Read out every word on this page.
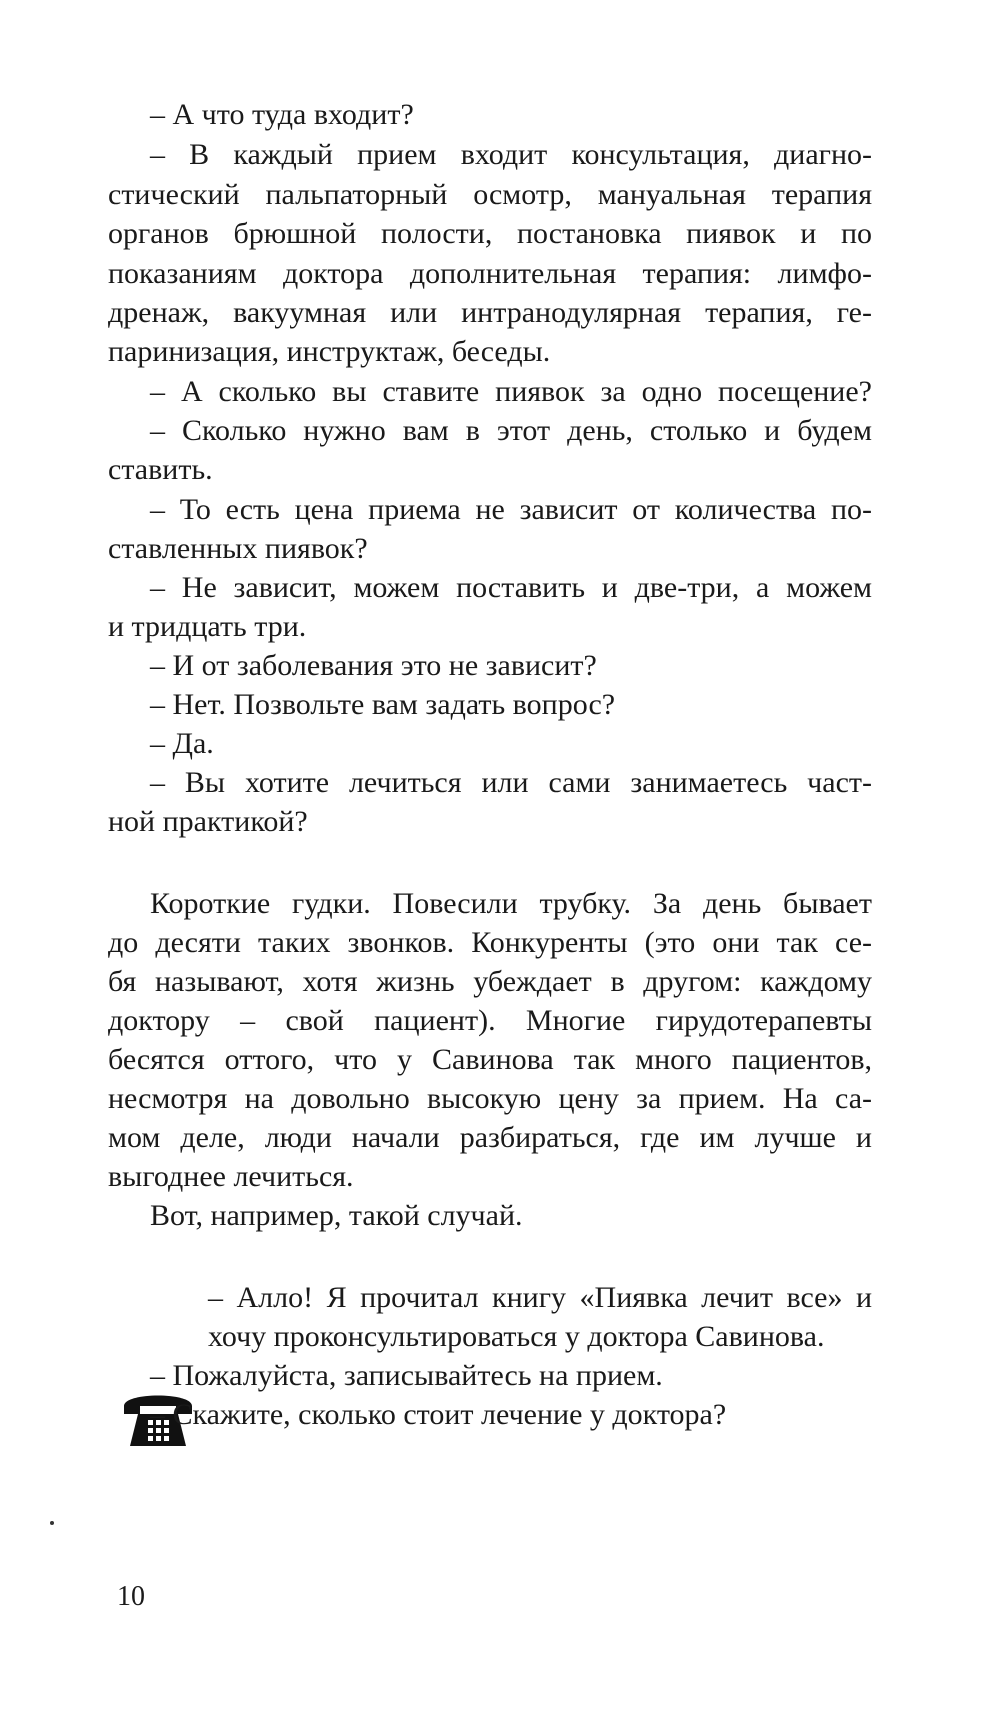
– А что туда входит?
– В каждый прием входит консультация, диагно-
стический пальпаторный осмотр, мануальная терапия
органов брюшной полости, постановка пиявок и по
показаниям доктора дополнительная терапия: лимфо-
дренаж, вакуумная или интранодулярная терапия, ге-
паринизация, инструктаж, беседы.
– А сколько вы ставите пиявок за одно посещение?
– Сколько нужно вам в этот день, столько и будем
ставить.
– То есть цена приема не зависит от количества по-
ставленных пиявок?
– Не зависит, можем поставить и две-три, а можем
и тридцать три.
– И от заболевания это не зависит?
– Нет. Позвольте вам задать вопрос?
– Да.
– Вы хотите лечиться или сами занимаетесь част-
ной практикой?
Короткие гудки. Повесили трубку. За день бывает
до десяти таких звонков. Конкуренты (это они так се-
бя называют, хотя жизнь убеждает в другом: каждому
доктору – свой пациент). Многие гирудотерапевты
бесятся оттого, что у Савинова так много пациентов,
несмотря на довольно высокую цену за прием. На са-
мом деле, люди начали разбираться, где им лучше и
выгоднее лечиться.
Вот, например, такой случай.
– Алло! Я прочитал книгу «Пиявка лечит все» и
хочу проконсультироваться у доктора Савинова.
– Пожалуйста, записывайтесь на прием.
– Скажите, сколько стоит лечение у доктора?
10
